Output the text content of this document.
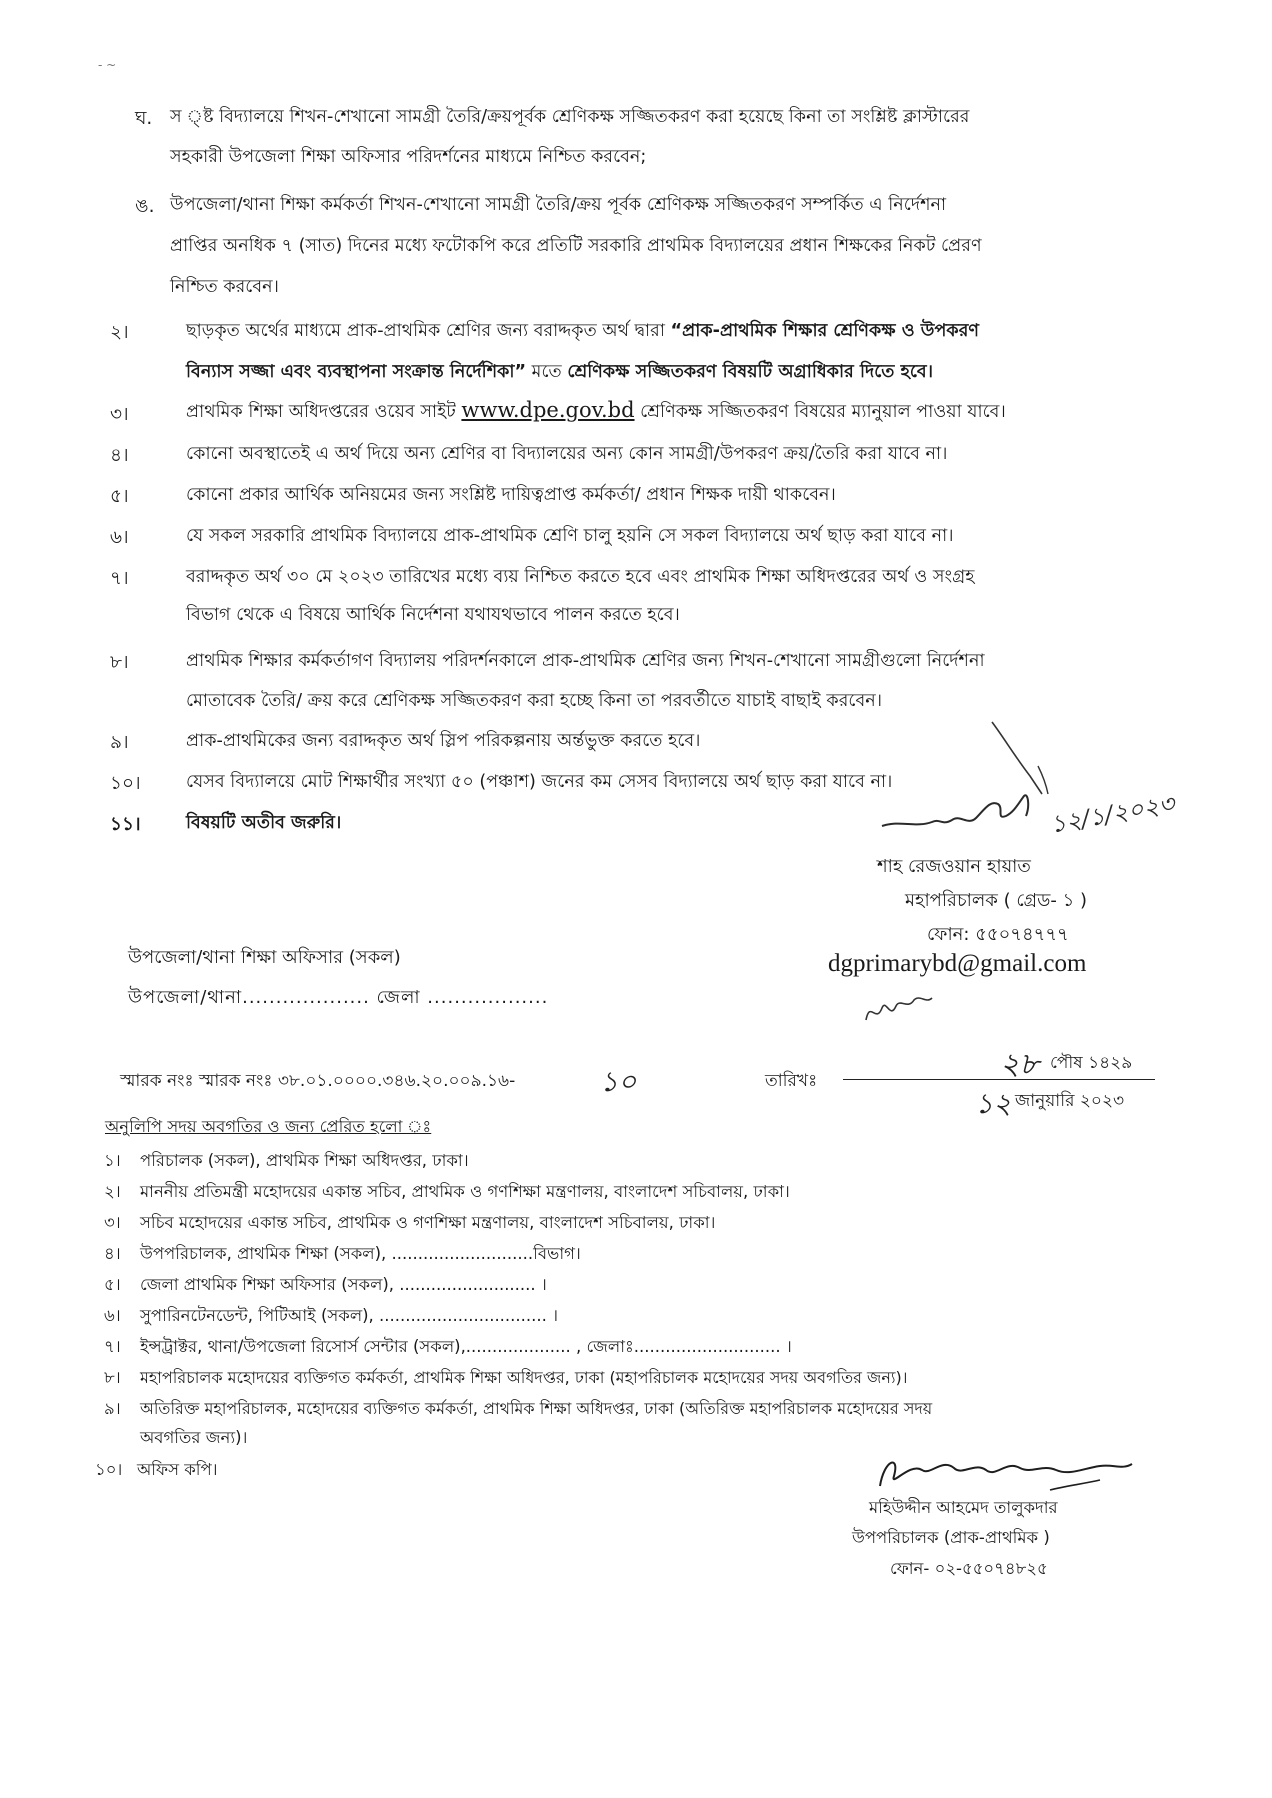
- ~
ঘ. স ্ষ্ট বিদ্যালয়ে শিখন-শেখানো সামগ্রী তৈরি/ক্রয়পূর্বক শ্রেণিকক্ষ সজ্জিতকরণ করা হয়েছে কিনা তা সংশ্লিষ্ট ক্লাস্টারের
সহকারী উপজেলা শিক্ষা অফিসার পরিদর্শনের মাধ্যমে নিশ্চিত করবেন;
ঙ. উপজেলা/থানা শিক্ষা কর্মকর্তা শিখন-শেখানো সামগ্রী তৈরি/ক্রয় পূর্বক শ্রেণিকক্ষ সজ্জিতকরণ সম্পর্কিত এ নির্দেশনা
প্রাপ্তির অনধিক ৭ (সাত) দিনের মধ্যে ফটোকপি করে প্রতিটি সরকারি প্রাথমিক বিদ্যালয়ের প্রধান শিক্ষকের নিকট প্রেরণ
নিশ্চিত করবেন।
২।	ছাড়কৃত অর্থের মাধ্যমে প্রাক-প্রাথমিক শ্রেণির জন্য বরাদ্দকৃত অর্থ দ্বারা “প্রাক-প্রাথমিক শিক্ষার শ্রেণিকক্ষ ও উপকরণ
বিন্যাস সজ্জা এবং ব্যবস্থাপনা সংক্রান্ত নির্দেশিকা” মতে শ্রেণিকক্ষ সজ্জিতকরণ বিষয়টি অগ্রাধিকার দিতে হবে।
৩।	প্রাথমিক শিক্ষা অধিদপ্তরের ওয়েব সাইট www.dpe.gov.bd শ্রেণিকক্ষ সজ্জিতকরণ বিষয়ের ম্যানুয়াল পাওয়া যাবে।
৪।	কোনো অবস্থাতেই এ অর্থ দিয়ে অন্য শ্রেণির বা বিদ্যালয়ের অন্য কোন সামগ্রী/উপকরণ ক্রয়/তৈরি করা যাবে না।
৫।	কোনো প্রকার আর্থিক অনিয়মের জন্য সংশ্লিষ্ট দায়িত্বপ্রাপ্ত কর্মকর্তা/ প্রধান শিক্ষক দায়ী থাকবেন।
৬।	যে সকল সরকারি প্রাথমিক বিদ্যালয়ে প্রাক-প্রাথমিক শ্রেণি চালু হয়নি সে সকল বিদ্যালয়ে অর্থ ছাড় করা যাবে না।
৭।	বরাদ্দকৃত অর্থ ৩০ মে ২০২৩ তারিখের মধ্যে ব্যয় নিশ্চিত করতে হবে এবং প্রাথমিক শিক্ষা অধিদপ্তরের অর্থ ও সংগ্রহ
বিভাগ থেকে এ বিষয়ে আর্থিক নির্দেশনা যথাযথভাবে পালন করতে হবে।
৮।	প্রাথমিক শিক্ষার কর্মকর্তাগণ বিদ্যালয় পরিদর্শনকালে প্রাক-প্রাথমিক শ্রেণির জন্য শিখন-শেখানো সামগ্রীগুলো নির্দেশনা
মোতাবেক তৈরি/ ক্রয় করে শ্রেণিকক্ষ সজ্জিতকরণ করা হচ্ছে কিনা তা পরবর্তীতে যাচাই বাছাই করবেন।
৯।	প্রাক-প্রাথমিকের জন্য বরাদ্দকৃত অর্থ স্লিপ পরিকল্পনায় অর্ন্তভুক্ত করতে হবে।
১০।	যেসব বিদ্যালয়ে মোট শিক্ষার্থীর সংখ্যা ৫০ (পঞ্চাশ) জনের কম সেসব বিদ্যালয়ে অর্থ ছাড় করা যাবে না।
১১।	বিষয়টি অতীব জরুরি।	১২/১/২০২৩
শাহ রেজওয়ান হায়াত
মহাপরিচালক ( গ্রেড- ১ )
ফোন: ৫৫০৭৪৭৭৭
dgprimarybd@gmail.com
উপজেলা/থানা শিক্ষা অফিসার (সকল)
উপজেলা/থানা................... জেলা ..................
স্মারক নংঃ স্মারক নংঃ ৩৮.০১.০০০০.৩৪৬.২০.০০৯.১৬-	১০	তারিখঃ	২৮ পৌষ ১৪২৯
১২ জানুয়ারি ২০২৩
অনুলিপি সদয় অবগতির ও জন্য প্রেরিত হলো ঃ
১। পরিচালক (সকল), প্রাথমিক শিক্ষা অধিদপ্তর, ঢাকা।
২। মাননীয় প্রতিমন্ত্রী মহোদয়ের একান্ত সচিব, প্রাথমিক ও গণশিক্ষা মন্ত্রণালয়, বাংলাদেশ সচিবালয়, ঢাকা।
৩। সচিব মহোদয়ের একান্ত সচিব, প্রাথমিক ও গণশিক্ষা মন্ত্রণালয়, বাংলাদেশ সচিবালয়, ঢাকা।
৪। উপপরিচালক, প্রাথমিক শিক্ষা (সকল), ...........................বিভাগ।
৫। জেলা প্রাথমিক শিক্ষা অফিসার (সকল), .......................... ।
৬। সুপারিনটেনডেন্ট, পিটিআই (সকল), ................................ ।
৭। ইন্সট্রাক্টর, থানা/উপজেলা রিসোর্স সেন্টার (সকল),.................... , জেলাঃ............................ ।
৮। মহাপরিচালক মহোদয়ের ব্যক্তিগত কর্মকর্তা, প্রাথমিক শিক্ষা অধিদপ্তর, ঢাকা (মহাপরিচালক মহোদয়ের সদয় অবগতির জন্য)।
৯। অতিরিক্ত মহাপরিচালক, মহোদয়ের ব্যক্তিগত কর্মকর্তা, প্রাথমিক শিক্ষা অধিদপ্তর, ঢাকা (অতিরিক্ত মহাপরিচালক মহোদয়ের সদয়
অবগতির জন্য)।
১০। অফিস কপি।
মহিউদ্দীন আহমেদ তালুকদার
উপপরিচালক (প্রাক-প্রাথমিক )
ফোন- ০২-৫৫০৭৪৮২৫
